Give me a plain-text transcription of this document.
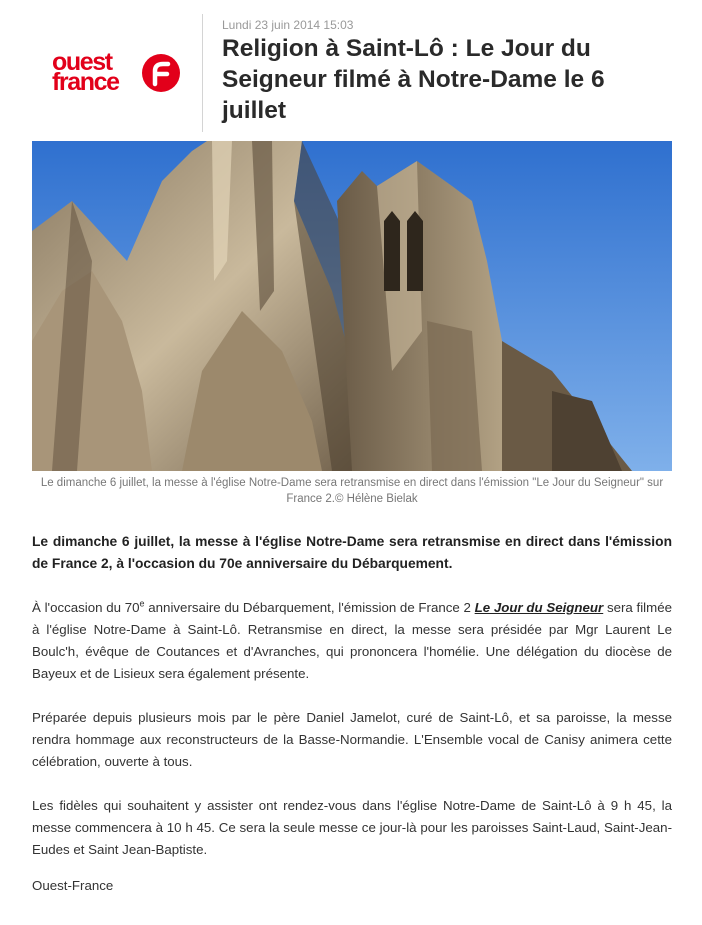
ouest
france
Lundi 23 juin 2014 15:03
Religion à Saint-Lô : Le Jour du Seigneur filmé à Notre-Dame le 6 juillet
Le dimanche 6 juillet, la messe à l'église Notre-Dame sera retransmise en direct dans l'émission "Le Jour du Seigneur" sur France 2.© Hélène Bielak

Le dimanche 6 juillet, la messe à l'église Notre-Dame sera retransmise en direct dans l'émission de France 2, à l'occasion du 70e anniversaire du Débarquement.

À l'occasion du 70e anniversaire du Débarquement, l'émission de France 2 Le Jour du Seigneur sera filmée à l'église Notre-Dame à Saint-Lô. Retransmise en direct, la messe sera présidée par Mgr Laurent Le Boulc'h, évêque de Coutances et d'Avranches, qui prononcera l'homélie. Une délégation du diocèse de Bayeux et de Lisieux sera également présente.

Préparée depuis plusieurs mois par le père Daniel Jamelot, curé de Saint-Lô, et sa paroisse, la messe rendra hommage aux reconstructeurs de la Basse-Normandie. L'Ensemble vocal de Canisy animera cette célébration, ouverte à tous.

Les fidèles qui souhaitent y assister ont rendez-vous dans l'église Notre-Dame de Saint-Lô à 9 h 45, la messe commencera à 10 h 45. Ce sera la seule messe ce jour-là pour les paroisses Saint-Laud, Saint-Jean-Eudes et Saint Jean-Baptiste.

Ouest-France
